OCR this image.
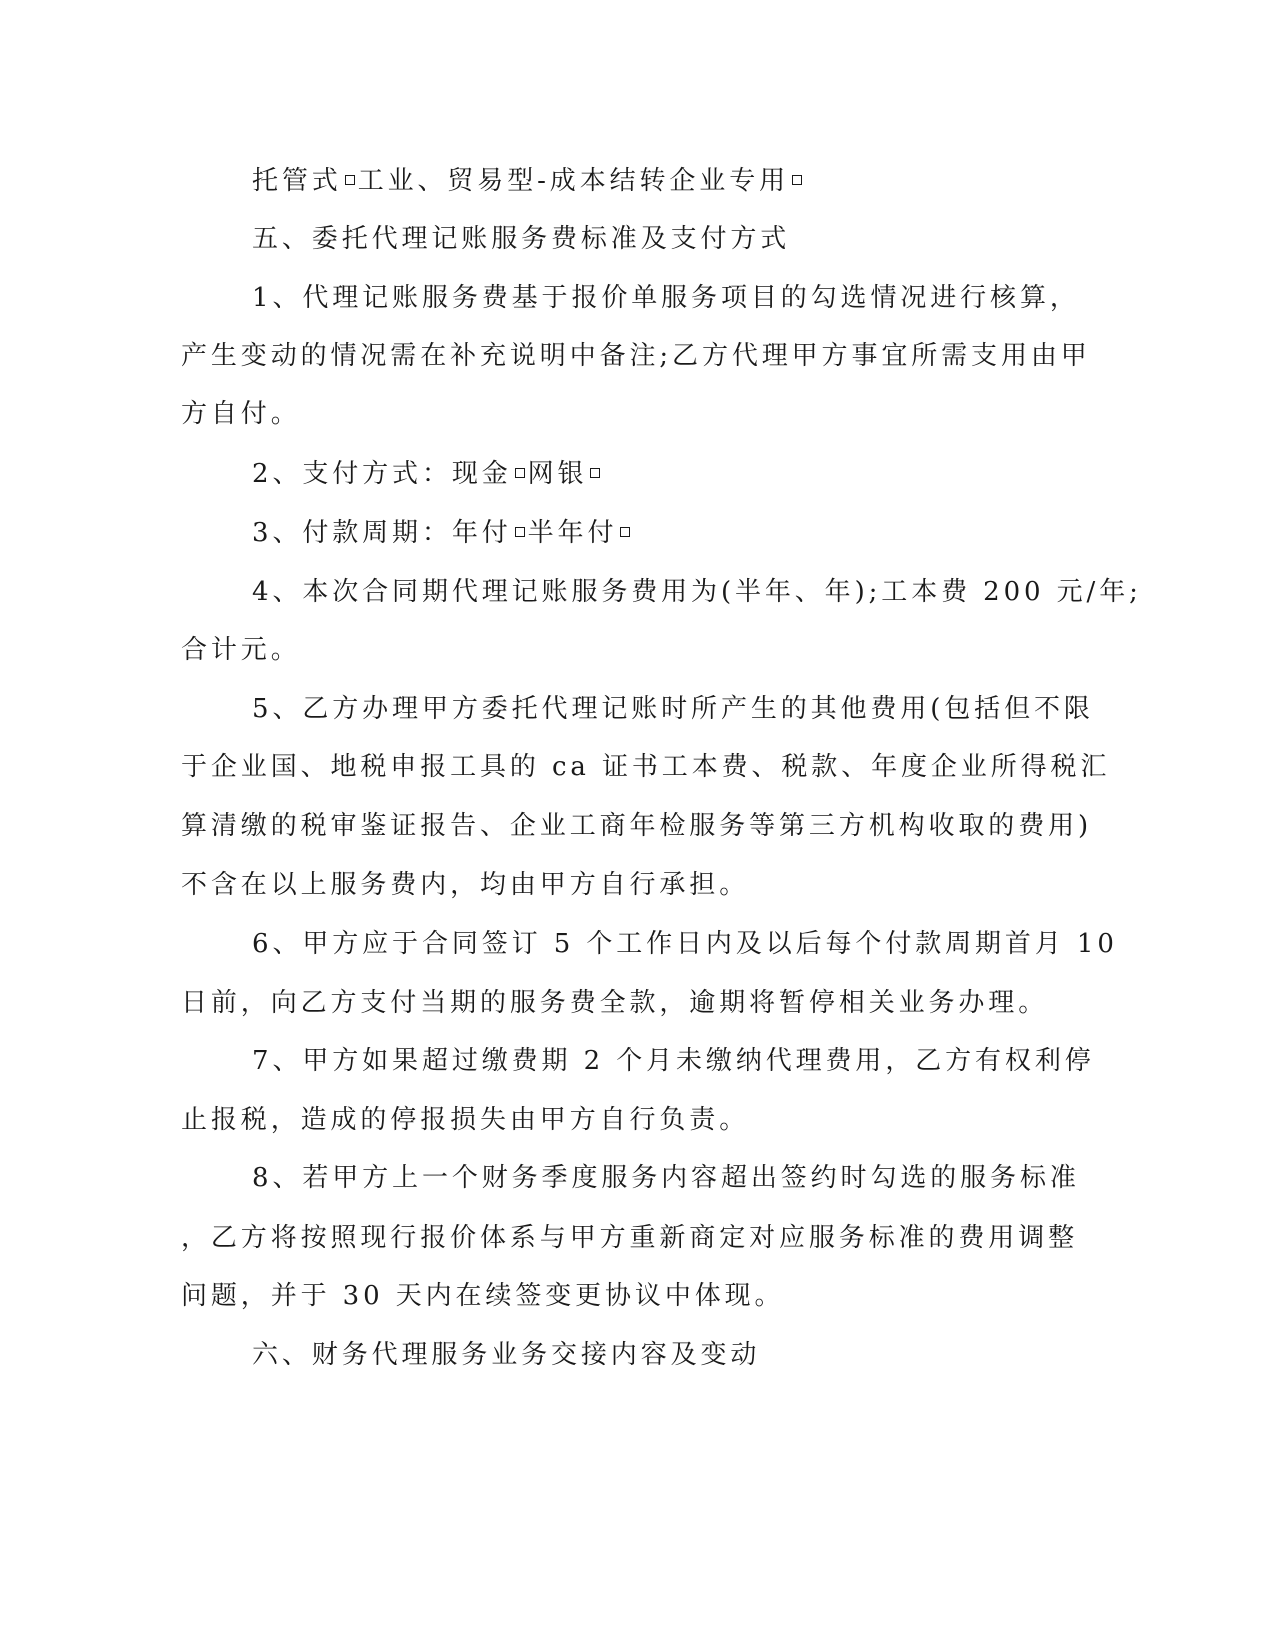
托管式 工业、贸易型-成本结转企业专用

五、委托代理记账服务费标准及支付方式

1、代理记账服务费基于报价单服务项目的勾选情况进行核算，

产生变动的情况需在补充说明中备注;乙方代理甲方事宜所需支用由甲

方自付。

2、支付方式：现金 网银

3、付款周期：年付 半年付

4、本次合同期代理记账服务费用为(半年、年);工本费 200 元/年;

合计元。

5、乙方办理甲方委托代理记账时所产生的其他费用(包括但不限

于企业国、地税申报工具的 ca 证书工本费、税款、年度企业所得税汇

算清缴的税审鉴证报告、企业工商年检服务等第三方机构收取的费用)

不含在以上服务费内，均由甲方自行承担。

6、甲方应于合同签订 5 个工作日内及以后每个付款周期首月 10

日前，向乙方支付当期的服务费全款，逾期将暂停相关业务办理。

7、甲方如果超过缴费期 2 个月未缴纳代理费用，乙方有权利停

止报税，造成的停报损失由甲方自行负责。

8、若甲方上一个财务季度服务内容超出签约时勾选的服务标准

，乙方将按照现行报价体系与甲方重新商定对应服务标准的费用调整

问题，并于 30 天内在续签变更协议中体现。

六、财务代理服务业务交接内容及变动
